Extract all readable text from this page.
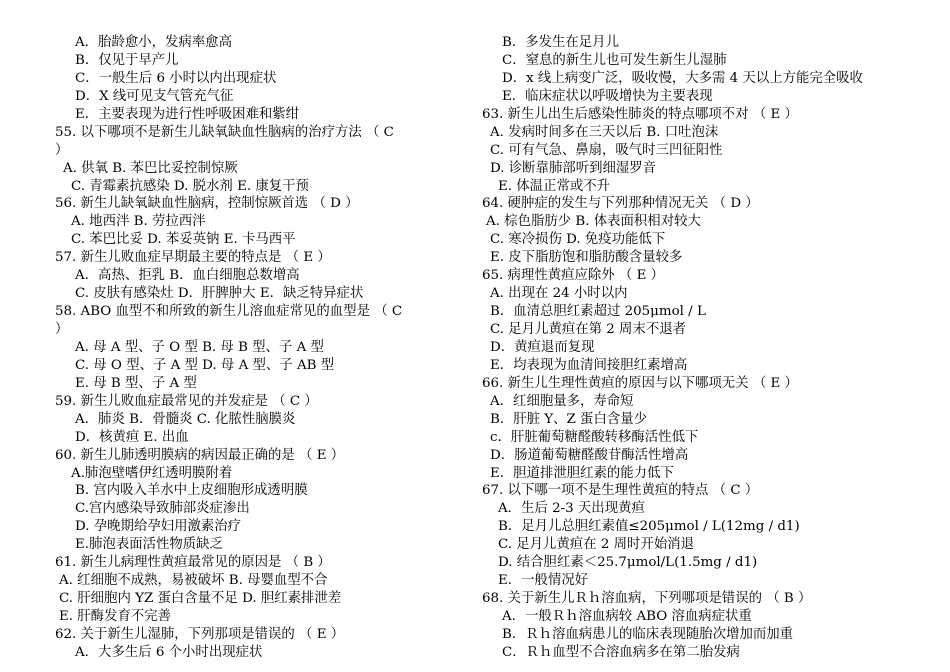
A．胎龄愈小，发病率愈高
B．仅见于早产儿
C．一般生后 6 小时以内出现症状
D．X 线可见支气管充气征
E．主要表现为进行性呼吸困难和紫绀
55. 以下哪项不是新生儿缺氧缺血性脑病的治疗方法 （ C
）
A. 供氧 B. 苯巴比妥控制惊厥
C. 青霉素抗感染 D. 脱水剂 E. 康复干预
56. 新生儿缺氧缺血性脑病，控制惊厥首选 （ D ）
A. 地西泮 B. 劳拉西泮
C. 苯巴比妥 D. 苯妥英钠 E. 卡马西平
57. 新生儿败血症早期最主要的特点是 （ E ）
A．高热、拒乳 B．血白细胞总数增高
C. 皮肤有感染灶 D．肝脾肿大 E．缺乏特异症状
58. ABO 血型不和所致的新生儿溶血症常见的血型是 （ C
）
A. 母 A 型、子 O 型 B. 母 B 型、子 A 型
C. 母 O 型、子 A 型 D. 母 A 型、子 AB 型
E. 母 B 型、子 A 型
59. 新生儿败血症最常见的并发症是 （ C ）
A．肺炎 B．骨髓炎 C. 化脓性脑膜炎
D．核黄疸 E. 出血
60. 新生儿肺透明膜病的病因最正确的是 （ E ）
A.肺泡壁嗜伊红透明膜附着
B. 宫内吸入羊水中上皮细胞形成透明膜
C.宫内感染导致肺部炎症渗出
D. 孕晚期给孕妇用激素治疗
E.肺泡表面活性物质缺乏
61. 新生儿病理性黄疸最常见的原因是 （ B ）
A. 红细胞不成熟，易被破坏 B. 母婴血型不合
C. 肝细胞内 YZ 蛋白含量不足 D. 胆红素排泄差
E. 肝酶发育不完善
62. 关于新生儿湿肺，下列那项是错误的 （ E ）
A．大多生后 6 个小时出现症状
B．多发生在足月儿
C．窒息的新生儿也可发生新生儿湿肺
D．x 线上病变广泛，吸收慢，大多需 4 天以上方能完全吸收
E．临床症状以呼吸增快为主要表现
63. 新生儿出生后感染性肺炎的特点哪项不对 （ E ）
A. 发病时间多在三天以后 B. 口吐泡沫
C. 可有气急、鼻扇，吸气时三凹征阳性
D. 诊断靠肺部听到细湿罗音
E. 体温正常或不升
64. 硬肿症的发生与下列那种情况无关 （ D ）
A. 棕色脂肪少 B. 体表面积相对较大
C. 寒冷损伤 D. 免疫功能低下
E. 皮下脂肪饱和脂肪酸含量较多
65. 病理性黄疸应除外 （ E ）
A. 出现在 24 小时以内
B．血清总胆红素超过 205μmol / L
C. 足月儿黄疸在第 2 周末不退者
D．黄疸退而复现
E．均表现为血清间接胆红素增高
66. 新生儿生理性黄疸的原因与以下哪项无关 （ E ）
A．红细胞量多，寿命短
B．肝脏 Y、Z 蛋白含量少
c．肝脏葡萄糖醛酸转移酶活性低下
D．肠道葡萄糖醛酸苷酶活性增高
E．胆道排泄胆红素的能力低下
67. 以下哪一项不是生理性黄疸的特点 （ C ）
A．生后 2-3 天出现黄疸
B．足月儿总胆红素值≤205μmol / L(12mg / d1)
C. 足月儿黄疸在 2 周时开始消退
D. 结合胆红素＜25.7μmol/L(1.5mg / d1)
E．一般情况好
68. 关于新生儿Ｒｈ溶血病，下列哪项是错误的 （ B ）
A．一般Ｒｈ溶血病较 ABO 溶血病症状重
B．Ｒｈ溶血病患儿的临床表现随胎次增加而加重
C．Ｒｈ血型不合溶血病多在第二胎发病
